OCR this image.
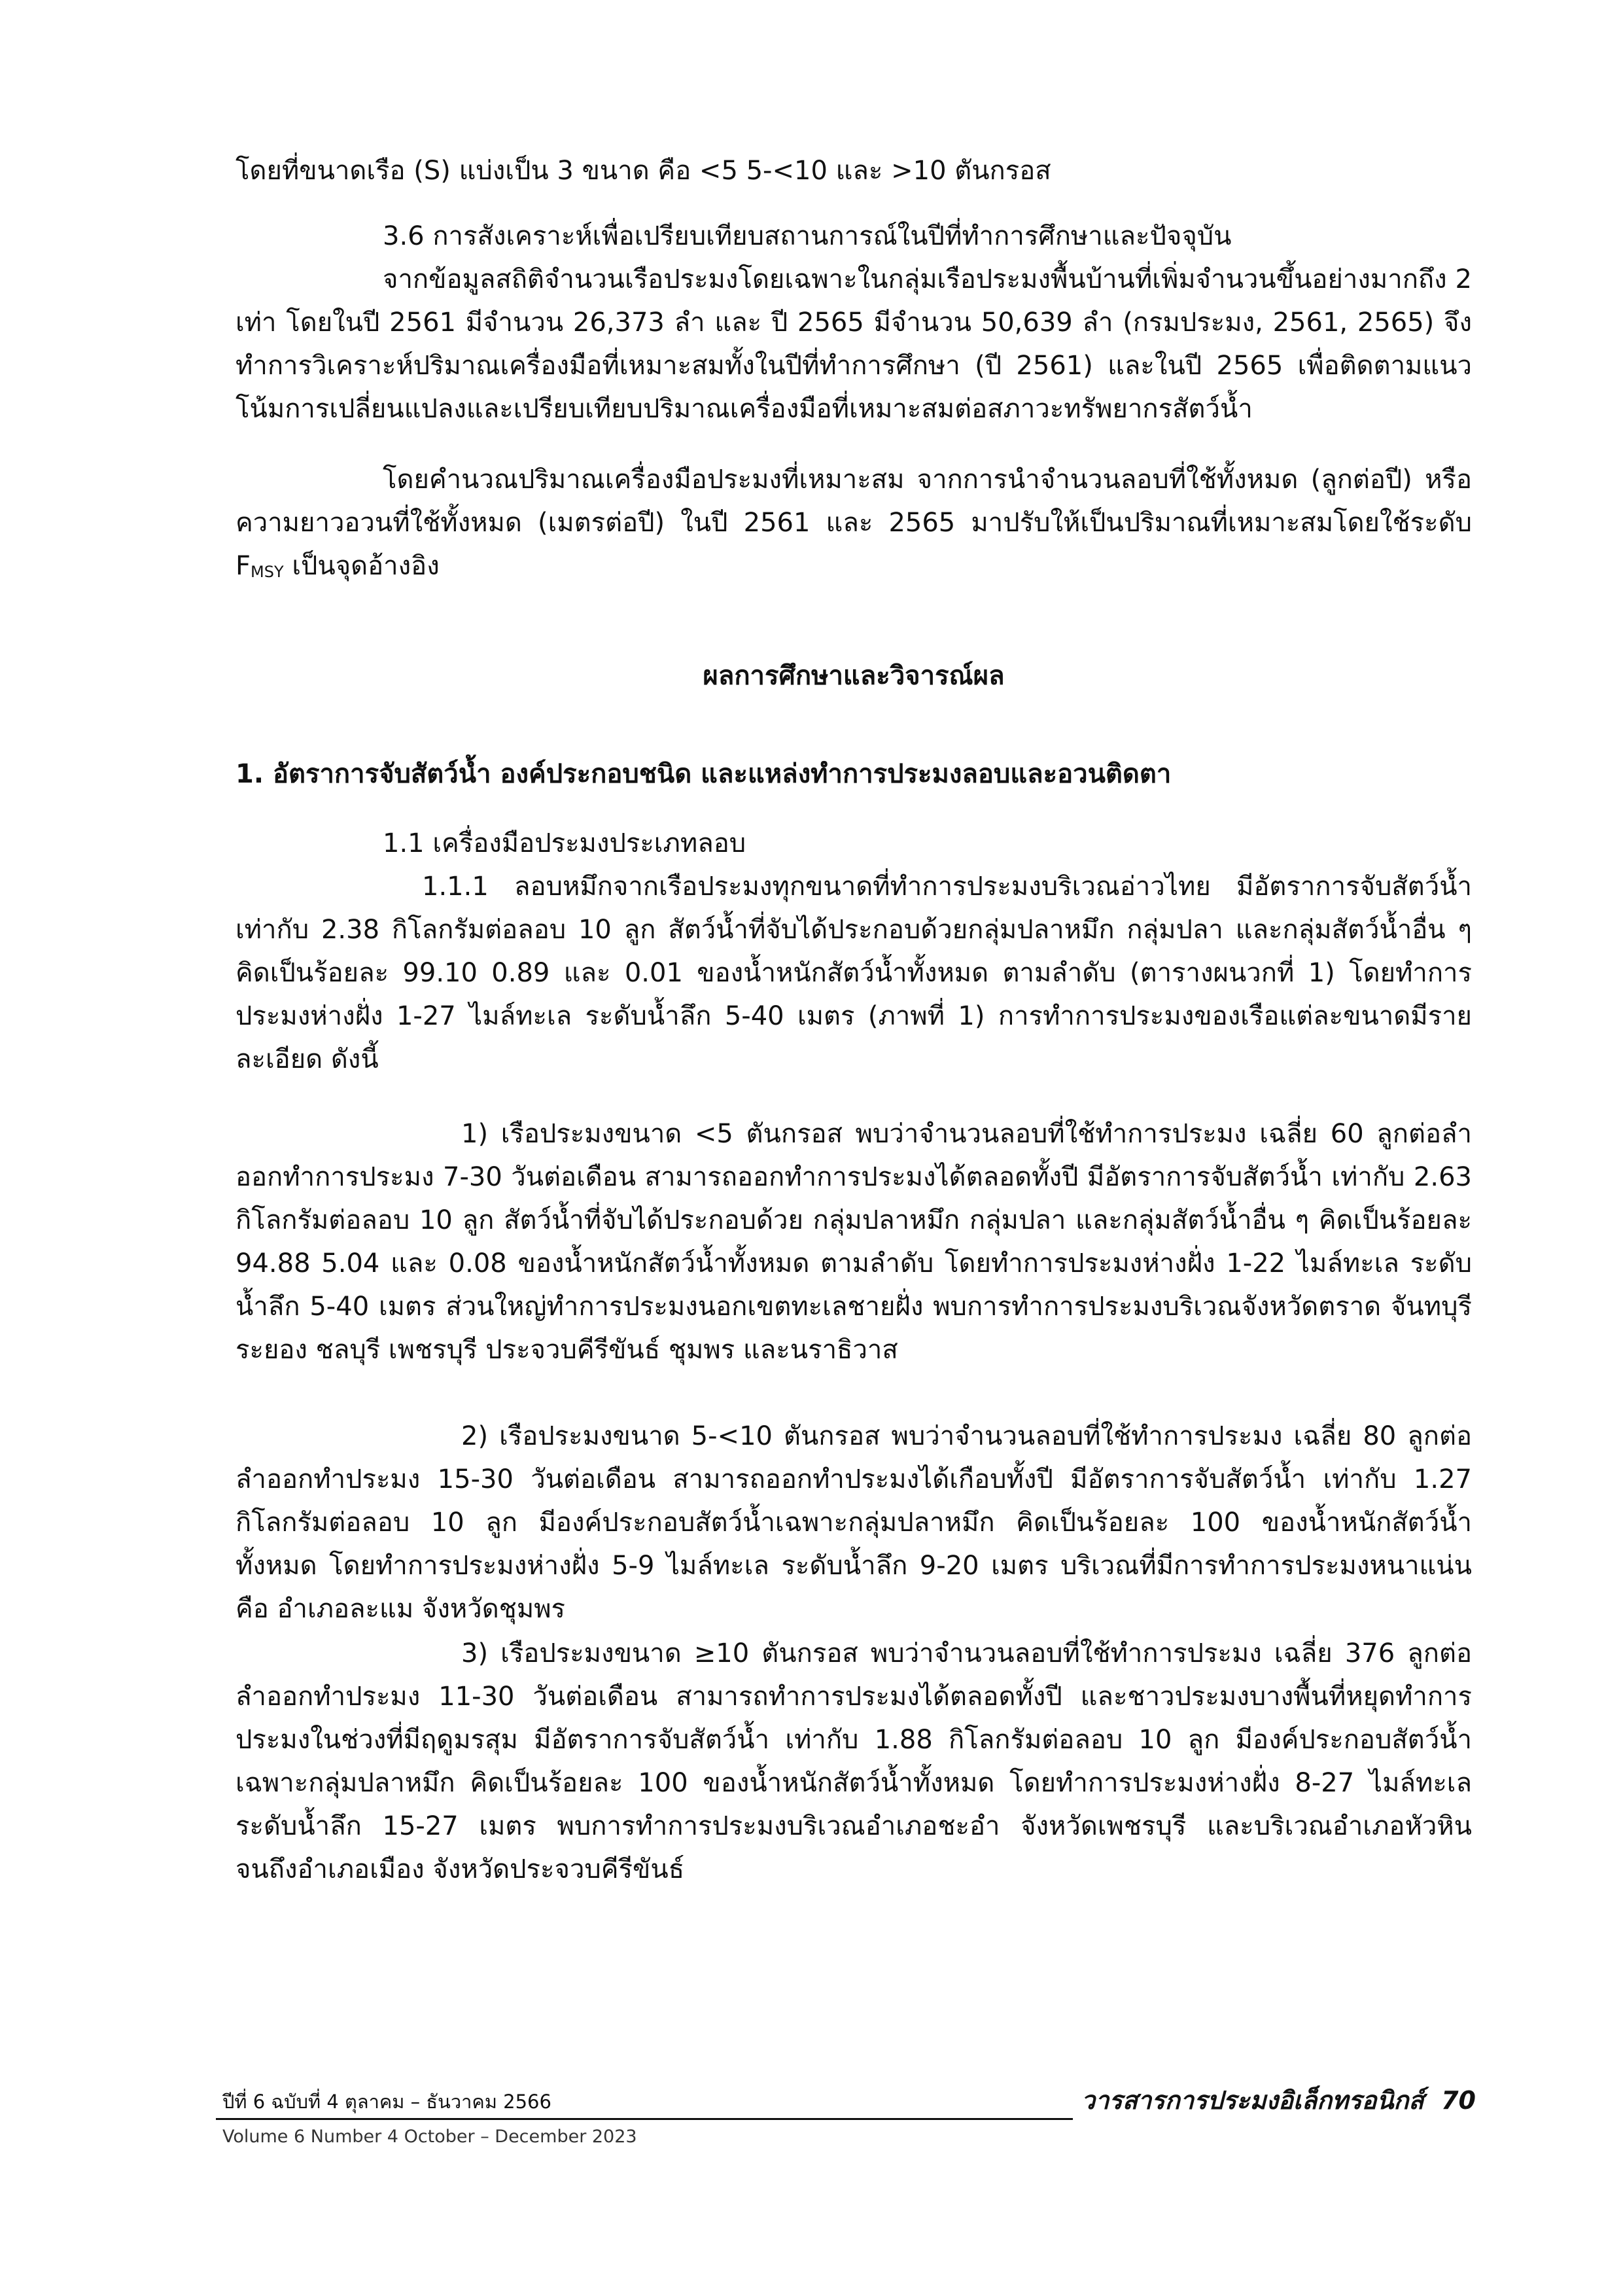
โดยที่ขนาดเรือ (S) แบ่งเป็น 3 ขนาด คือ <5 5-<10 และ >10 ตันกรอส

3.6 การสังเคราะห์เพื่อเปรียบเทียบสถานการณ์ในปีที่ทำการศึกษาและปัจจุบัน

จากข้อมูลสถิติจำนวนเรือประมงโดยเฉพาะในกลุ่มเรือประมงพื้นบ้านที่เพิ่มจำนวนขึ้นอย่างมากถึง 2 เท่า โดยในปี 2561 มีจำนวน 26,373 ลำ และ ปี 2565 มีจำนวน 50,639 ลำ (กรมประมง, 2561, 2565) จึงทำการวิเคราะห์ปริมาณเครื่องมือที่เหมาะสมทั้งในปีที่ทำการศึกษา (ปี 2561) และในปี 2565 เพื่อติดตามแนวโน้มการเปลี่ยนแปลงและเปรียบเทียบปริมาณเครื่องมือที่เหมาะสมต่อสภาวะทรัพยากรสัตว์น้ำ

โดยคำนวณปริมาณเครื่องมือประมงที่เหมาะสม จากการนำจำนวนลอบที่ใช้ทั้งหมด (ลูกต่อปี) หรือความยาวอวนที่ใช้ทั้งหมด (เมตรต่อปี) ในปี 2561 และ 2565 มาปรับให้เป็นปริมาณที่เหมาะสมโดยใช้ระดับ $F_{MSY}$ เป็นจุดอ้างอิง

ผลการศึกษาและวิจารณ์ผล
1. อัตราการจับสัตว์น้ำ องค์ประกอบชนิด และแหล่งทำการประมงลอบและอวนติดตา

1.1 เครื่องมือประมงประเภทลอบ

1.1.1 ลอบหมึกจากเรือประมงทุกขนาดที่ทำการประมงบริเวณอ่าวไทย มีอัตราการจับสัตว์น้ำเท่ากับ 2.38 กิโลกรัมต่อลอบ 10 ลูก สัตว์น้ำที่จับได้ประกอบด้วยกลุ่มปลาหมึก กลุ่มปลา และกลุ่มสัตว์น้ำอื่น ๆ คิดเป็นร้อยละ 99.10 0.89 และ 0.01 ของน้ำหนักสัตว์น้ำทั้งหมด ตามลำดับ (ตารางผนวกที่ 1) โดยทำการประมงห่างฝั่ง 1-27 ไมล์ทะเล ระดับน้ำลึก 5-40 เมตร (ภาพที่ 1) การทำการประมงของเรือแต่ละขนาดมีรายละเอียด ดังนี้

1) เรือประมงขนาด <5 ตันกรอส พบว่าจำนวนลอบที่ใช้ทำการประมง เฉลี่ย 60 ลูกต่อลำออกทำการประมง 7-30 วันต่อเดือน สามารถออกทำการประมงได้ตลอดทั้งปี มีอัตราการจับสัตว์น้ำ เท่ากับ 2.63 กิโลกรัมต่อลอบ 10 ลูก สัตว์น้ำที่จับได้ประกอบด้วย กลุ่มปลาหมึก กลุ่มปลา และกลุ่มสัตว์น้ำอื่น ๆ คิดเป็นร้อยละ 94.88 5.04 และ 0.08 ของน้ำหนักสัตว์น้ำทั้งหมด ตามลำดับ โดยทำการประมงห่างฝั่ง 1-22 ไมล์ทะเล ระดับน้ำลึก 5-40 เมตร ส่วนใหญ่ทำการประมงนอกเขตทะเลชายฝั่ง พบการทำการประมงบริเวณจังหวัดตราด จันทบุรี ระยอง ชลบุรี เพชรบุรี ประจวบคีรีขันธ์ ชุมพร และนราธิวาส

2) เรือประมงขนาด 5-<10 ตันกรอส พบว่าจำนวนลอบที่ใช้ทำการประมง เฉลี่ย 80 ลูกต่อลำออกทำประมง 15-30 วันต่อเดือน สามารถออกทำประมงได้เกือบทั้งปี มีอัตราการจับสัตว์น้ำ เท่ากับ 1.27 กิโลกรัมต่อลอบ 10 ลูก มีองค์ประกอบสัตว์น้ำเฉพาะกลุ่มปลาหมึก คิดเป็นร้อยละ 100 ของน้ำหนักสัตว์น้ำทั้งหมด โดยทำการประมงห่างฝั่ง 5-9 ไมล์ทะเล ระดับน้ำลึก 9-20 เมตร บริเวณที่มีการทำการประมงหนาแน่น คือ อำเภอละแม จังหวัดชุมพร

3) เรือประมงขนาด ≥10 ตันกรอส พบว่าจำนวนลอบที่ใช้ทำการประมง เฉลี่ย 376 ลูกต่อลำออกทำประมง 11-30 วันต่อเดือน สามารถทำการประมงได้ตลอดทั้งปี และชาวประมงบางพื้นที่หยุดทำการประมงในช่วงที่มีฤดูมรสุม มีอัตราการจับสัตว์น้ำ เท่ากับ 1.88 กิโลกรัมต่อลอบ 10 ลูก มีองค์ประกอบสัตว์น้ำเฉพาะกลุ่มปลาหมึก คิดเป็นร้อยละ 100 ของน้ำหนักสัตว์น้ำทั้งหมด โดยทำการประมงห่างฝั่ง 8-27 ไมล์ทะเล ระดับน้ำลึก 15-27 เมตร พบการทำการประมงบริเวณอำเภอชะอำ จังหวัดเพชรบุรี และบริเวณอำเภอหัวหิน จนถึงอำเภอเมือง จังหวัดประจวบคีรีขันธ์

ปีที่ 6 ฉบับที่ 4 ตุลาคม – ธันวาคม 2566
Volume 6 Number 4 October – December 2023
วารสารการประมงอิเล็กทรอนิกส์ 70
